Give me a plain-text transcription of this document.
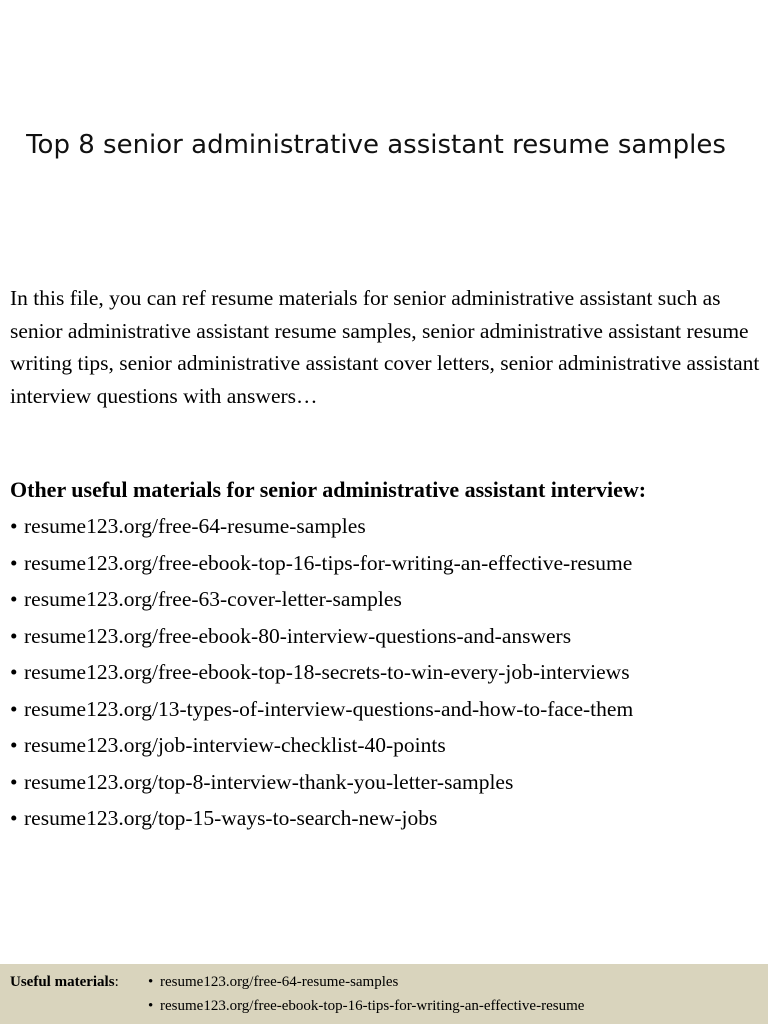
Top 8 senior administrative assistant resume samples

In this file, you can ref resume materials for senior administrative assistant such as senior administrative assistant resume samples, senior administrative assistant resume writing tips, senior administrative assistant cover letters, senior administrative assistant interview questions with answers…

Other useful materials for senior administrative assistant interview:

• resume123.org/free-64-resume-samples
• resume123.org/free-ebook-top-16-tips-for-writing-an-effective-resume
• resume123.org/free-63-cover-letter-samples
• resume123.org/free-ebook-80-interview-questions-and-answers
• resume123.org/free-ebook-top-18-secrets-to-win-every-job-interviews
• resume123.org/13-types-of-interview-questions-and-how-to-face-them
• resume123.org/job-interview-checklist-40-points
• resume123.org/top-8-interview-thank-you-letter-samples
• resume123.org/top-15-ways-to-search-new-jobs
Useful materials: • resume123.org/free-64-resume-samples
• resume123.org/free-ebook-top-16-tips-for-writing-an-effective-resume
